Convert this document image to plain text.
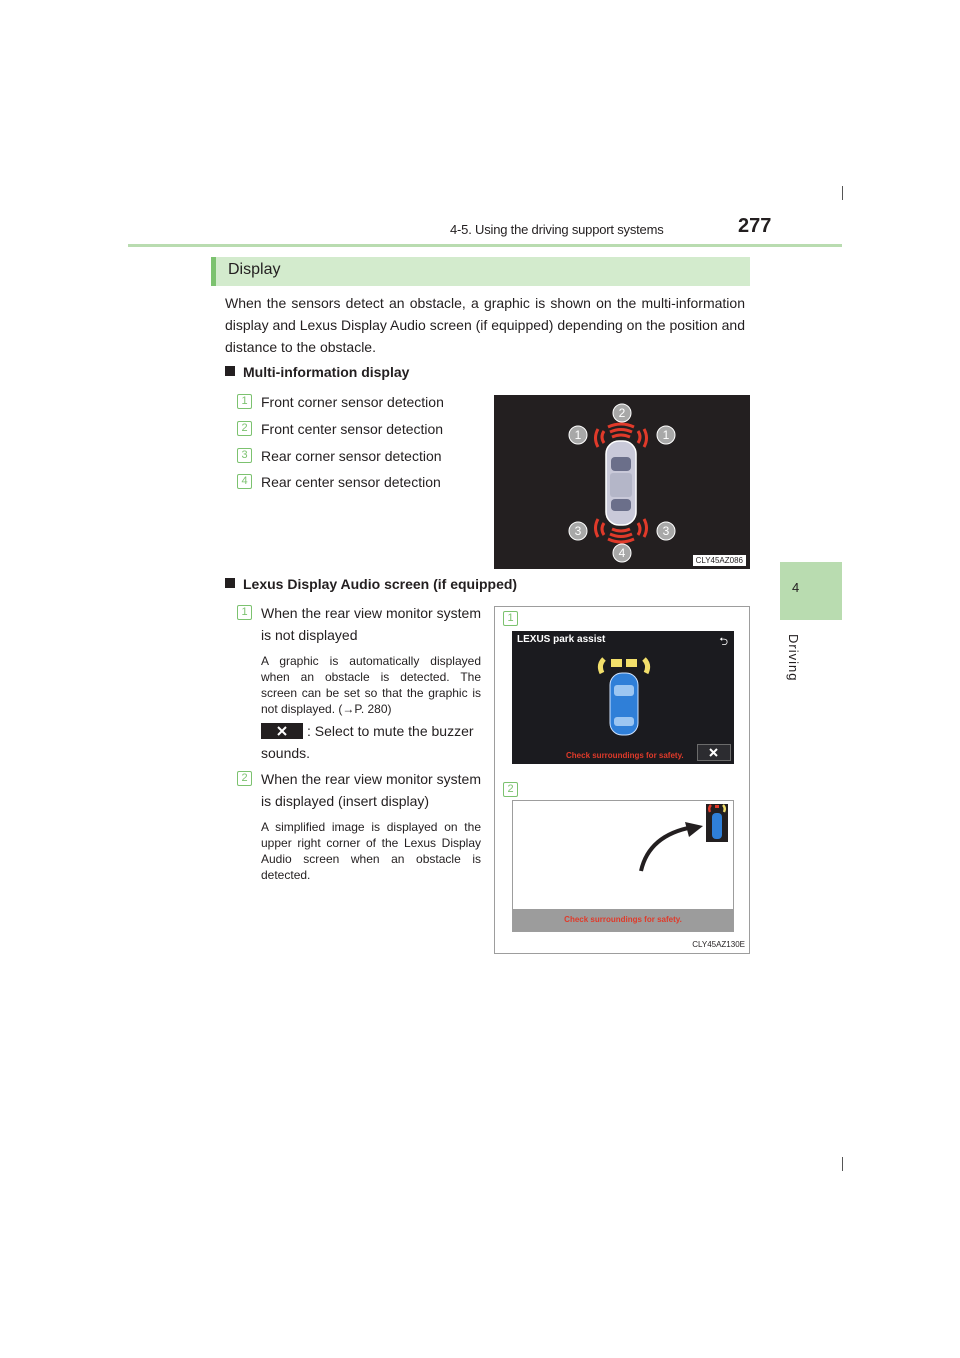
4-5. Using the driving support systems	277
4
Driving
Display
When the sensors detect an obstacle, a graphic is shown on the multi-information display and Lexus Display Audio screen (if equipped) depending on the position and distance to the obstacle.
Multi-information display
1 Front corner sensor detection
2 Front center sensor detection
3 Rear corner sensor detection
4 Rear center sensor detection
2
1	1
3	3
4
CLY45AZ086
Lexus Display Audio screen (if equipped)
1 When the rear view monitor system is not displayed
A graphic is automatically displayed when an obstacle is detected. The screen can be set so that the graphic is not displayed. (→P. 280)
: Select to mute the buzzer sounds.
2 When the rear view monitor system is displayed (insert display)
A simplified image is displayed on the upper right corner of the Lexus Display Audio screen when an obstacle is detected.
1
LEXUS park assist	⮌
Check surroundings for safety.
2
Check surroundings for safety.
CLY45AZ130E
